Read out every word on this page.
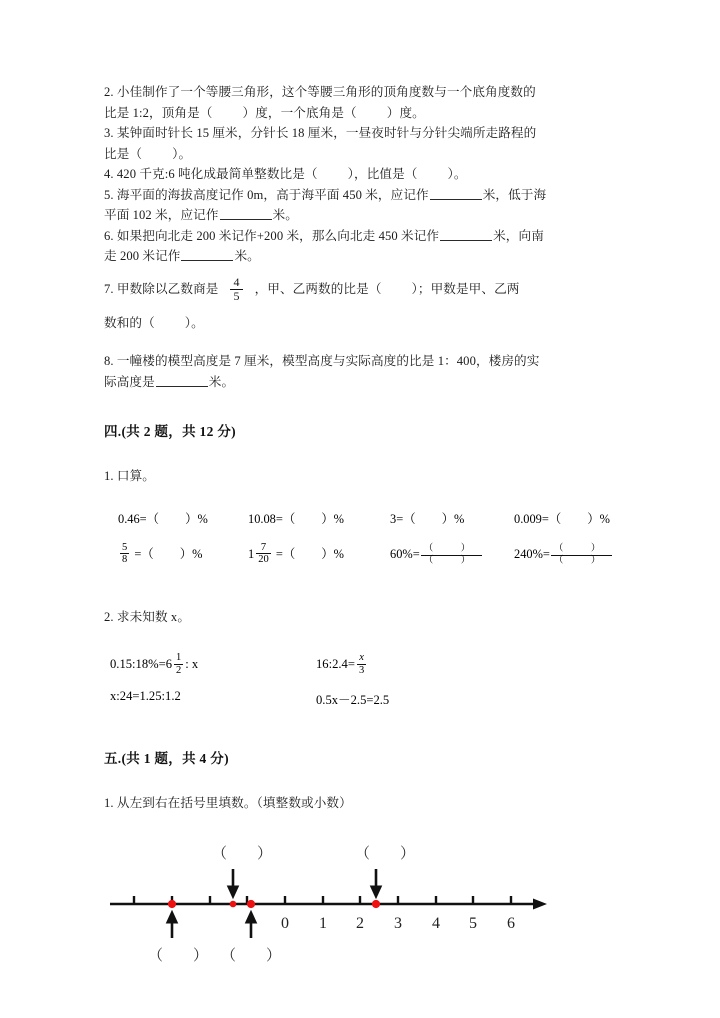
2. 小佳制作了一个等腰三角形，这个等腰三角形的顶角度数与一个底角度数的
比是 1:2，顶角是（ ）度，一个底角是（ ）度。
3. 某钟面时针长 15 厘米，分针长 18 厘米，一昼夜时针与分针尖端所走路程的
比是（ ）。
4. 420 千克:6 吨化成最简单整数比是（ ），比值是（ ）。
5. 海平面的海拔高度记作 0m，高于海平面 450 米，应记作	米，低于海
平面 102 米，应记作	米。
6. 如果把向北走 200 米记作+200 米，那么向北走 450 米记作	米，向南
走 200 米记作	米。
7. 甲数除以乙数商是 $\frac{4}{5}$ ，甲、乙两数的比是（ ）；甲数是甲、乙两
数和的（ ）。
8. 一幢楼的模型高度是 7 厘米，模型高度与实际高度的比是 1：400，楼房的实
际高度是	米。
四.(共 2 题，共 12 分)
1. 口算。
0.46=（ ）%	10.08=（ ）%	3=（ ）%	0.009=（ ）%
$\frac{5}{8}$ =（ ）%	$1 \frac{7}{20}$ =（ ）%	$60\%= \frac{( )}{( )}$	$240\%= \frac{( )}{( )}$
2. 求未知数 x。
0.15:18%=6 $\frac{1}{2}$ : x	16:2.4= $\frac{x}{3}$
x:24=1.25:1.2	0.5x－2.5=2.5
五.(共 1 题，共 4 分)
1. 从左到右在括号里填数。（填整数或小数）
（　　）	（　　）
0 1 2 3 4 5 6
（　　） （　　）
